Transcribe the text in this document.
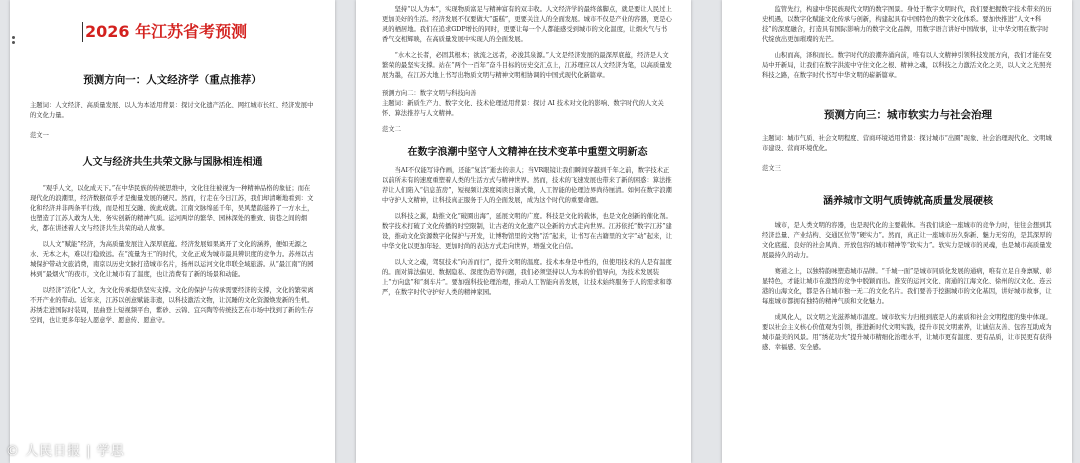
2026 年江苏省考预测
预测方向一：人文经济学（重点推荐）
主题词：人文经济、高质量发展、以人为本适用背景：探讨文化遗产活化、网红城市长红、经济发展中的文化力量。
范文一
人文与经济共生共荣文脉与国脉相连相通

“观乎人文，以化成天下。”在中华民族的传统思维中，文化往往被视为一种精神品格的象征；而在现代化的浪潮里，经济数据似乎才是衡量发展的硬尺。然而，行走在今日江苏，我们却清晰地看到：文化和经济并非两条平行线，而是相互交融、彼此成就。江南文脉绵延千年，吴风楚韵滋养了一方水土，也塑造了江苏人敢为人先、务实创新的精神气质。运河两岸的繁华、园林深处的雅致、街巷之间的烟火，都在讲述着人文与经济共生共荣的动人故事。

以人文“赋能”经济，为高质量发展注入深厚底蕴。经济发展如果离开了文化的涵养，便如无源之水、无本之木，难以行稳致远。在“流量为王”的时代，文化正成为城市最具辨识度的竞争力。苏州以古城保护带动文旅消费，南京以历史文脉打造城市名片，扬州以运河文化串联全域旅游。从“最江南”的园林到“最烟火”的夜市，文化让城市有了温度，也让消费有了新的场景和动能。

以经济“活化”人文，为文化传承提供坚实支撑。文化的保护与传承需要经济的支撑，文化的繁荣离不开产业的带动。近年来，江苏以创意赋能非遗，以科技激活文物，让沉睡的文化资源焕发新的生机。苏绣走进国际时装周，昆曲登上短视频平台，紫砂、云锦、宜兴陶等传统技艺在市场中找到了新的生存空间，也让更多年轻人愿意学、愿意传、愿意守。

坚持“以人为本”，实现物质富足与精神富有的双丰收。人文经济学的最终落脚点，就是要让人民过上更加美好的生活。经济发展不仅要做大“蛋糕”，更要关注人的全面发展。城市不仅是产业的容器，更是心灵的栖居地。我们在追求GDP增长的同时，更要让每一个人都能感受到城市的文化温度，让烟火气与书香气交相辉映，在高质量发展中实现人的全面发展。

“水木之长者，必固其根本；欲流之远者，必浚其泉源。”人文是经济发展的最深厚底蕴，经济是人文繁荣的最坚实支撑。站在“两个一百年”奋斗目标的历史交汇点上，江苏理应以人文经济为笔，以高质量发展为墨，在江苏大地上书写出物质文明与精神文明相协调的中国式现代化新篇章。

预测方向二：数字文明与科技向善
主题词：新质生产力、数字文化、技术伦理适用背景：探讨 AI 技术对文化的影响、数字时代的人文关怀、算法推荐与人文精神。
范文二
在数字浪潮中坚守人文精神在技术变革中重塑文明新态

当AI不仅能写诗作画，还能“复活”逝去的亲人；当VR眼镜让我们瞬间穿越到千年之前，数字技术正以前所未有的速度重塑着人类的生活方式与精神世界。然而，技术的飞速发展也带来了新的困惑：算法推荐让人们陷入“信息茧房”，短视频让深度阅读日渐式微，人工智能的伦理边界尚待厘清。如何在数字浪潮中守护人文精神，让科技真正服务于人的全面发展，成为这个时代的重要命题。

以科技之翼，助推文化“破圈出海”，延展文明的广度。科技是文化的载体，也是文化创新的催化剂。数字技术打破了文化传播的时空限制，让古老的文化遗产以全新的方式走向世界。江苏依托“数字江苏”建设，推动文化资源数字化保护与开发，让博物馆里的文物“活”起来，让书写在古籍里的文字“动”起来，让中华文化以更加年轻、更加时尚的表达方式走向世界，增强文化自信。

以人文之魂，驾驭技术“向善而行”，提升文明的温度。技术本身是中性的，但使用技术的人是有温度的。面对算法偏见、数据隐私、深度伪造等问题，我们必须坚持以人为本的价值导向，为技术发展装上“方向盘”和“刹车片”。要加强科技伦理治理，推动人工智能向善发展，让技术始终服务于人的需求和尊严，在数字时代守护好人类的精神家园。

监管先行，构建中华民族现代文明的数字图景。身处于数字文明时代，我们要把握数字技术带来的历史机遇，以数字化赋能文化传承与创新，构建起具有中国特色的数字文化体系。要加快推进“人文+科技”的深度融合，打造具有国际影响力的数字文化品牌，用数字语言讲好中国故事，让中华文明在数字时代绽放出更加璀璨的光芒。

山积而高，泽积而长。数字时代的浪潮奔涌向前，唯有以人文精神引领科技发展方向，我们才能在变局中开新局，让我们在数字洪流中守住文化之根、精神之魂，以科技之力激活文化之美，以人文之光照亮科技之路，在数字时代书写中华文明的崭新篇章。

预测方向三：城市软实力与社会治理
主题词：城市气质、社会文明程度、营商环境适用背景：探讨城市“出圈”现象、社会治理现代化、文明城市建设、营商环境优化。
范文三
涵养城市文明气质铸就高质量发展硬核

城市，是人类文明的容器，也是现代化的主要载体。当我们谈论一座城市的竞争力时，往往会想到其经济总量、产业结构、交通区位等“硬实力”。然而，真正让一座城市历久弥新、魅力无穷的，是其深厚的文化底蕴、良好的社会风尚、开放包容的城市精神等“软实力”。软实力是城市的灵魂，也是城市高质量发展最持久的动力。

赛道之上，以独特韵味塑造城市品牌。“千城一面”是城市同质化发展的通病，唯有立足自身禀赋、彰显特色，才能让城市在激烈的竞争中脱颖而出。淮安的运河文化、南通的江海文化、徐州的汉文化、连云港的山海文化，都是各自城市独一无二的文化名片。我们要善于挖掘城市的文化基因，讲好城市故事，让每座城市都拥有独特的精神气质和文化魅力。

成风化人，以文明之光滋养城市温度。城市软实力归根到底是人的素质和社会文明程度的集中体现。要以社会主义核心价值观为引领，推进新时代文明实践，提升市民文明素养，让诚信友善、包容互助成为城市最美的风景。用“绣花功夫”提升城市精细化治理水平，让城市更有温度、更有品质，让市民更有获得感、幸福感、安全感。

© 人民日报 | 学思
